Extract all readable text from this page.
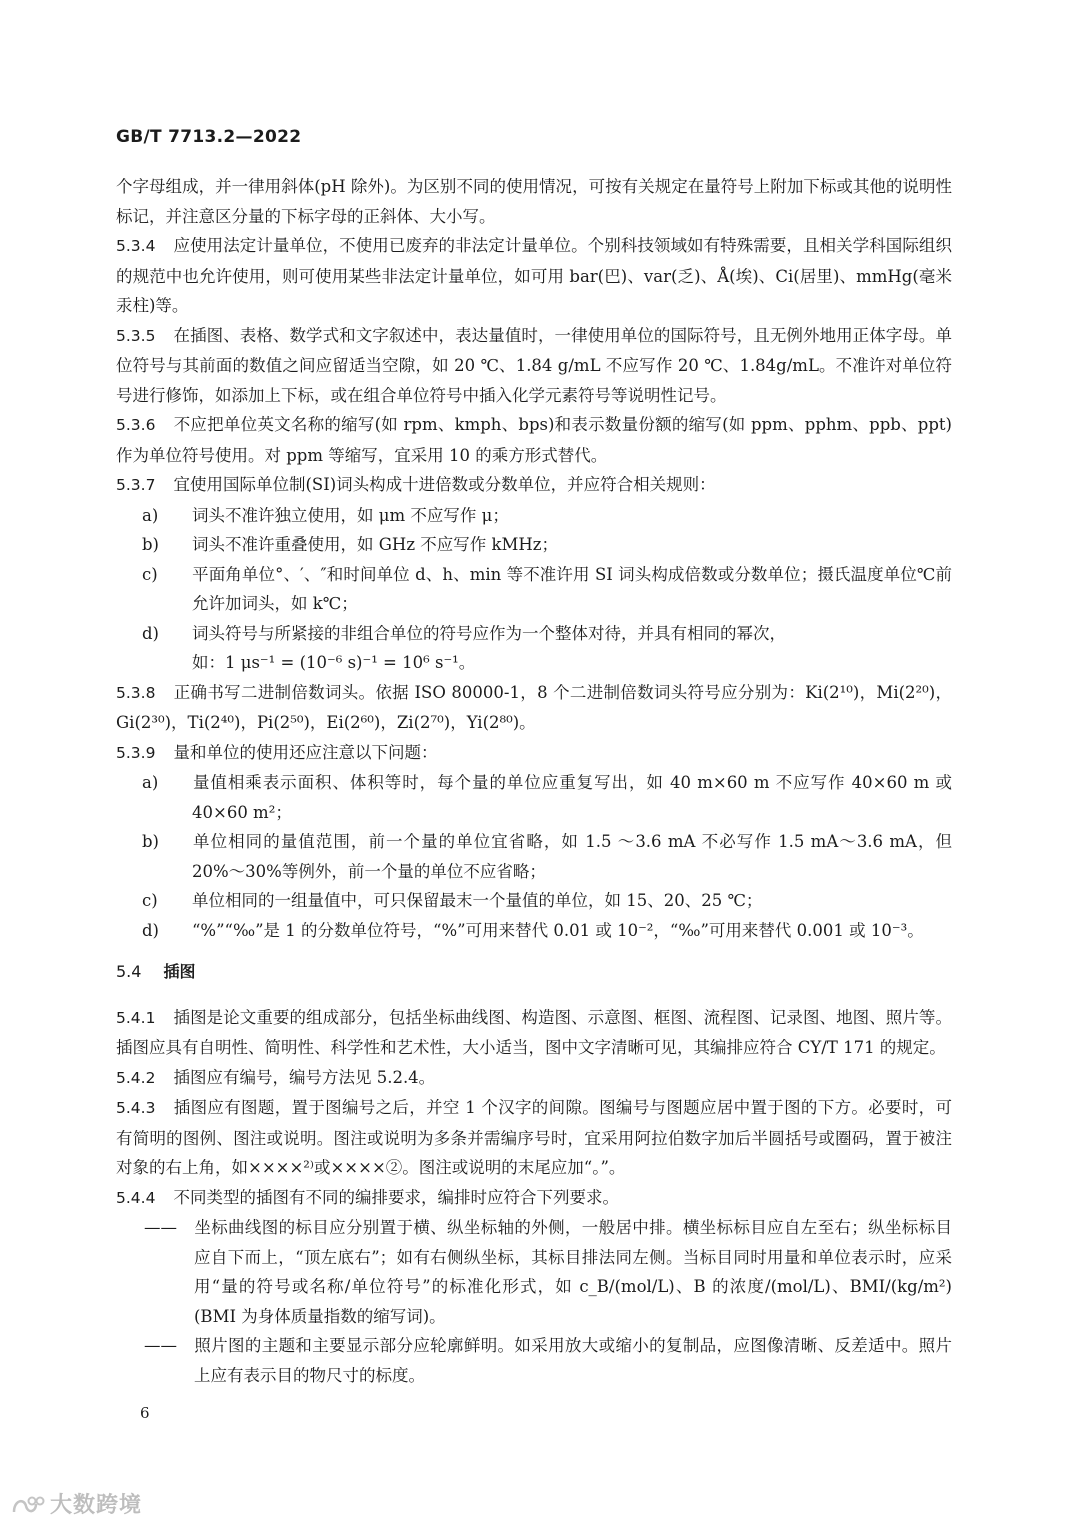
GB/T 7713.2—2022

个字母组成，并一律用斜体(pH 除外)。为区别不同的使用情况，可按有关规定在量符号上附加下标或其他的说明性标记，并注意区分量的下标字母的正斜体、大小写。

5.3.4 应使用法定计量单位，不使用已废弃的非法定计量单位。个别科技领域如有特殊需要，且相关学科国际组织的规范中也允许使用，则可使用某些非法定计量单位，如可用 bar(巴)、var(乏)、Å(埃)、Ci(居里)、mmHg(毫米汞柱)等。

5.3.5 在插图、表格、数学式和文字叙述中，表达量值时，一律使用单位的国际符号，且无例外地用正体字母。单位符号与其前面的数值之间应留适当空隙，如 20 ℃、1.84 g/mL 不应写作 20 ℃、1.84g/mL。不准许对单位符号进行修饰，如添加上下标，或在组合单位符号中插入化学元素符号等说明性记号。

5.3.6 不应把单位英文名称的缩写(如 rpm、kmph、bps)和表示数量份额的缩写(如 ppm、pphm、ppb、ppt)作为单位符号使用。对 ppm 等缩写，宜采用 10 的乘方形式替代。

5.3.7 宜使用国际单位制(SI)词头构成十进倍数或分数单位，并应符合相关规则：

a) 词头不准许独立使用，如 μm 不应写作 μ；

b) 词头不准许重叠使用，如 GHz 不应写作 kMHz；

c) 平面角单位°、′、″和时间单位 d、h、min 等不准许用 SI 词头构成倍数或分数单位；摄氏温度单位℃前允许加词头，如 k℃；

d) 词头符号与所紧接的非组合单位的符号应作为一个整体对待，并具有相同的幂次，
如：1 μs⁻¹ = (10⁻⁶ s)⁻¹ = 10⁶ s⁻¹。

5.3.8 正确书写二进制倍数词头。依据 ISO 80000-1，8 个二进制倍数词头符号应分别为：Ki(2¹⁰)，Mi(2²⁰)，Gi(2³⁰)，Ti(2⁴⁰)，Pi(2⁵⁰)，Ei(2⁶⁰)，Zi(2⁷⁰)，Yi(2⁸⁰)。

5.3.9 量和单位的使用还应注意以下问题：

a) 量值相乘表示面积、体积等时，每个量的单位应重复写出，如 40 m×60 m 不应写作 40×60 m 或 40×60 m²；

b) 单位相同的量值范围，前一个量的单位宜省略，如 1.5 ～3.6 mA 不必写作 1.5 mA～3.6 mA，但 20%～30%等例外，前一个量的单位不应省略；

c) 单位相同的一组量值中，可只保留最末一个量值的单位，如 15、20、25 ℃；

d) “%”“‰”是 1 的分数单位符号，“%”可用来替代 0.01 或 10⁻²，“‰”可用来替代 0.001 或 10⁻³。

5.4 插图

5.4.1 插图是论文重要的组成部分，包括坐标曲线图、构造图、示意图、框图、流程图、记录图、地图、照片等。插图应具有自明性、简明性、科学性和艺术性，大小适当，图中文字清晰可见，其编排应符合 CY/T 171 的规定。

5.4.2 插图应有编号，编号方法见 5.2.4。

5.4.3 插图应有图题，置于图编号之后，并空 1 个汉字的间隙。图编号与图题应居中置于图的下方。必要时，可有简明的图例、图注或说明。图注或说明为多条并需编序号时，宜采用阿拉伯数字加后半圆括号或圈码，置于被注对象的右上角，如××××²⁾或××××②。图注或说明的末尾应加“。”。

5.4.4 不同类型的插图有不同的编排要求，编排时应符合下列要求。

—— 坐标曲线图的标目应分别置于横、纵坐标轴的外侧，一般居中排。横坐标标目应自左至右；纵坐标标目应自下而上，“顶左底右”；如有右侧纵坐标，其标目排法同左侧。当标目同时用量和单位表示时，应采用“量的符号或名称/单位符号”的标准化形式，如 c_B/(mol/L)、B 的浓度/(mol/L)、BMI/(kg/m²)(BMI 为身体质量指数的缩写词)。

—— 照片图的主题和主要显示部分应轮廓鲜明。如采用放大或缩小的复制品，应图像清晰、反差适中。照片上应有表示目的物尺寸的标度。

6
大数跨境
